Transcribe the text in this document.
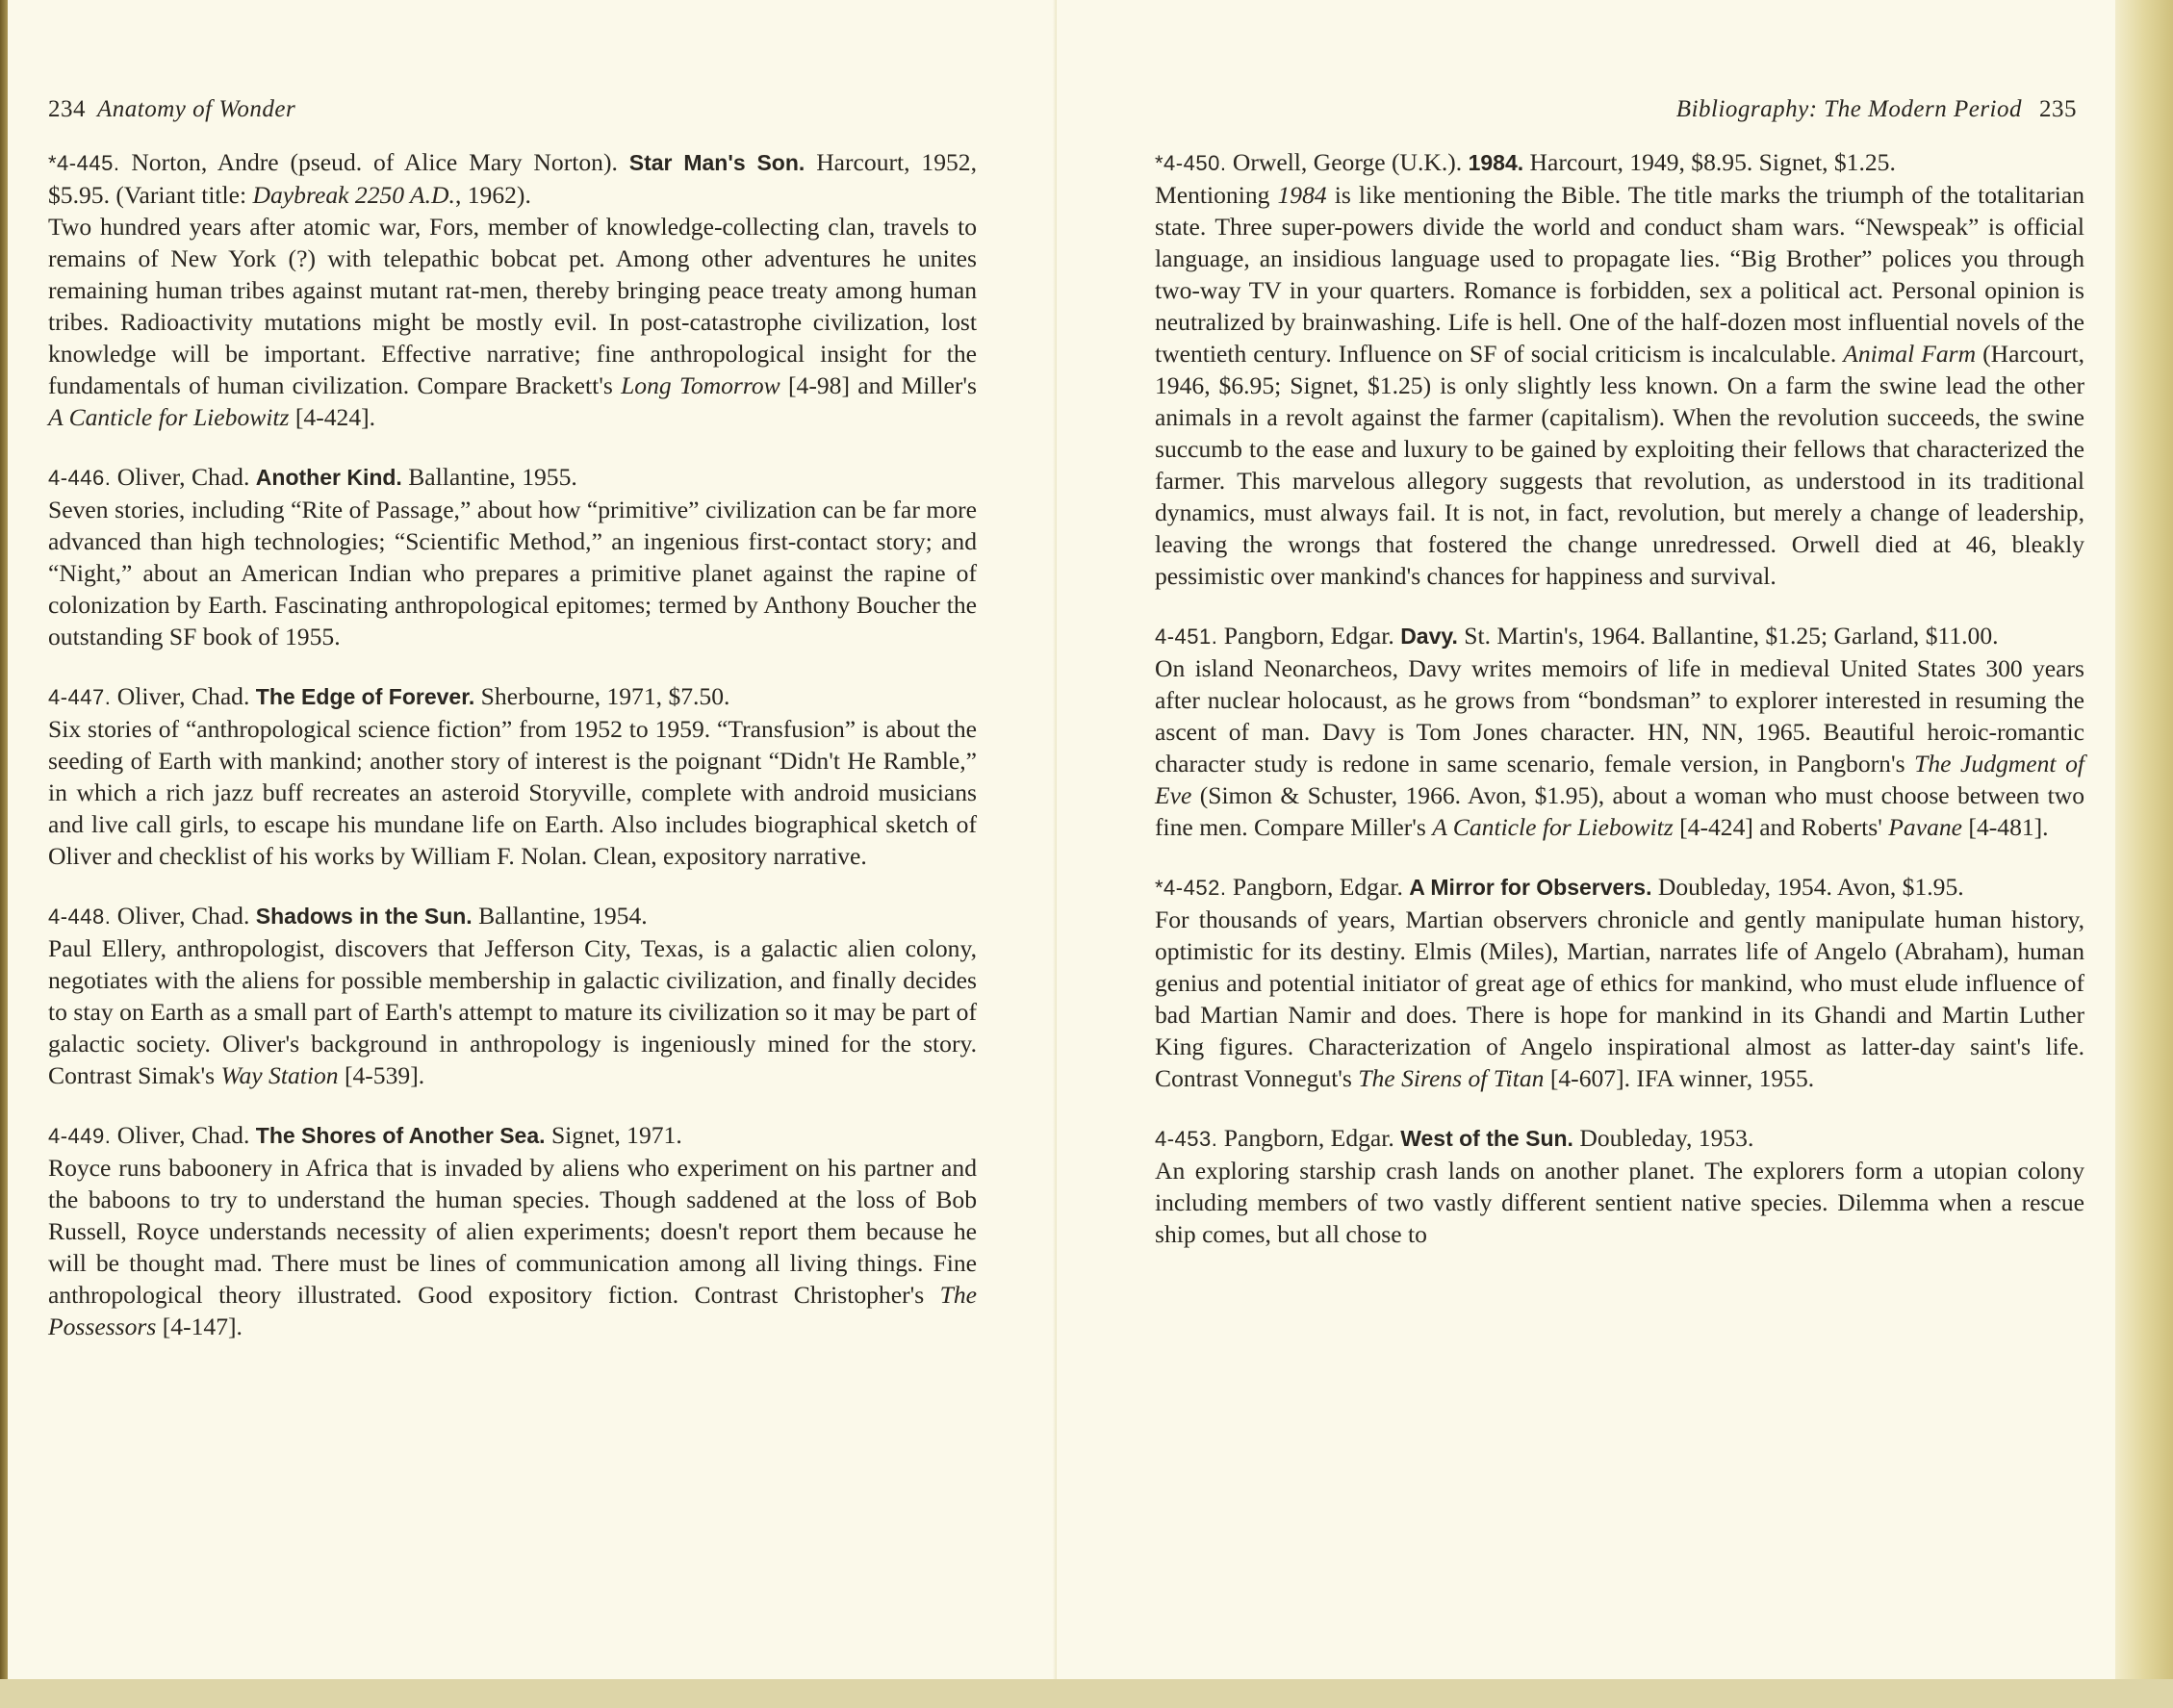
234 Anatomy of Wonder

*4-445. Norton, Andre (pseud. of Alice Mary Norton). Star Man's Son. Harcourt, 1952, $5.95. (Variant title: Daybreak 2250 A.D., 1962).
Two hundred years after atomic war, Fors, member of knowledge-collecting clan, travels to remains of New York (?) with telepathic bobcat pet. Among other adventures he unites remaining human tribes against mutant rat-men, thereby bringing peace treaty among human tribes. Radioactivity mutations might be mostly evil. In post-catastrophe civilization, lost knowledge will be important. Effective narrative; fine anthropological insight for the fundamentals of human civilization. Compare Brackett's Long Tomorrow [4-98] and Miller's A Canticle for Liebowitz [4-424].

4-446. Oliver, Chad. Another Kind. Ballantine, 1955.
Seven stories, including “Rite of Passage,” about how “primitive” civilization can be far more advanced than high technologies; “Scientific Method,” an ingenious first-contact story; and “Night,” about an American Indian who prepares a primitive planet against the rapine of colonization by Earth. Fascinating anthropological epitomes; termed by Anthony Boucher the outstanding SF book of 1955.

4-447. Oliver, Chad. The Edge of Forever. Sherbourne, 1971, $7.50.
Six stories of “anthropological science fiction” from 1952 to 1959. “Transfusion” is about the seeding of Earth with mankind; another story of interest is the poignant “Didn't He Ramble,” in which a rich jazz buff recreates an asteroid Storyville, complete with android musicians and live call girls, to escape his mundane life on Earth. Also includes biographical sketch of Oliver and checklist of his works by William F. Nolan. Clean, expository narrative.

4-448. Oliver, Chad. Shadows in the Sun. Ballantine, 1954.
Paul Ellery, anthropologist, discovers that Jefferson City, Texas, is a galactic alien colony, negotiates with the aliens for possible membership in galactic civilization, and finally decides to stay on Earth as a small part of Earth's attempt to mature its civilization so it may be part of galactic society. Oliver's background in anthropology is ingeniously mined for the story. Contrast Simak's Way Station [4-539].

4-449. Oliver, Chad. The Shores of Another Sea. Signet, 1971.
Royce runs baboonery in Africa that is invaded by aliens who experiment on his partner and the baboons to try to understand the human species. Though saddened at the loss of Bob Russell, Royce understands necessity of alien experiments; doesn't report them because he will be thought mad. There must be lines of communication among all living things. Fine anthropological theory illustrated. Good expository fiction. Contrast Christopher's The Possessors [4-147].

Bibliography: The Modern Period 235

*4-450. Orwell, George (U.K.). 1984. Harcourt, 1949, $8.95. Signet, $1.25.
Mentioning 1984 is like mentioning the Bible. The title marks the triumph of the totalitarian state. Three super-powers divide the world and conduct sham wars. “Newspeak” is official language, an insidious language used to propagate lies. “Big Brother” polices you through two-way TV in your quarters. Romance is forbidden, sex a political act. Personal opinion is neutralized by brainwashing. Life is hell. One of the half-dozen most influential novels of the twentieth century. Influence on SF of social criticism is incalculable. Animal Farm (Harcourt, 1946, $6.95; Signet, $1.25) is only slightly less known. On a farm the swine lead the other animals in a revolt against the farmer (capitalism). When the revolution succeeds, the swine succumb to the ease and luxury to be gained by exploiting their fellows that characterized the farmer. This marvelous allegory suggests that revolution, as understood in its traditional dynamics, must always fail. It is not, in fact, revolution, but merely a change of leadership, leaving the wrongs that fostered the change unredressed. Orwell died at 46, bleakly pessimistic over mankind's chances for happiness and survival.

4-451. Pangborn, Edgar. Davy. St. Martin's, 1964. Ballantine, $1.25; Garland, $11.00.
On island Neonarcheos, Davy writes memoirs of life in medieval United States 300 years after nuclear holocaust, as he grows from “bondsman” to explorer interested in resuming the ascent of man. Davy is Tom Jones character. HN, NN, 1965. Beautiful heroic-romantic character study is redone in same scenario, female version, in Pangborn's The Judgment of Eve (Simon & Schuster, 1966. Avon, $1.95), about a woman who must choose between two fine men. Compare Miller's A Canticle for Liebowitz [4-424] and Roberts' Pavane [4-481].

*4-452. Pangborn, Edgar. A Mirror for Observers. Doubleday, 1954. Avon, $1.95.
For thousands of years, Martian observers chronicle and gently manipulate human history, optimistic for its destiny. Elmis (Miles), Martian, narrates life of Angelo (Abraham), human genius and potential initiator of great age of ethics for mankind, who must elude influence of bad Martian Namir and does. There is hope for mankind in its Ghandi and Martin Luther King figures. Characterization of Angelo inspirational almost as latter-day saint's life. Contrast Vonnegut's The Sirens of Titan [4-607]. IFA winner, 1955.

4-453. Pangborn, Edgar. West of the Sun. Doubleday, 1953.
An exploring starship crash lands on another planet. The explorers form a utopian colony including members of two vastly different sentient native species. Dilemma when a rescue ship comes, but all chose to
